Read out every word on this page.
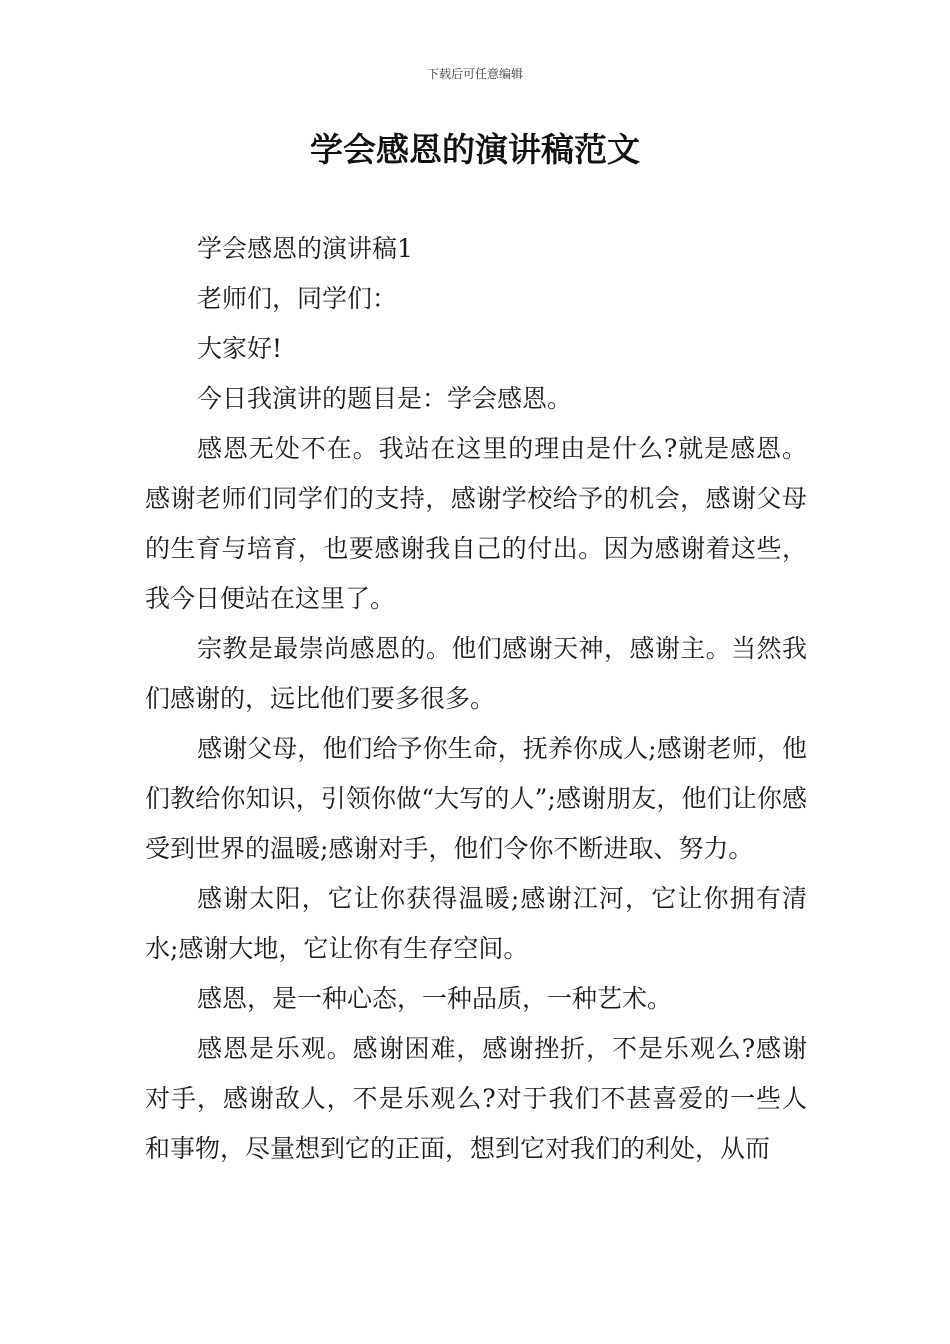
下载后可任意编辑
学会感恩的演讲稿范文

学会感恩的演讲稿1

老师们，同学们：

大家好!

今日我演讲的题目是：学会感恩。

感恩无处不在。我站在这里的理由是什么?就是感恩。感谢老师们同学们的支持，感谢学校给予的机会，感谢父母的生育与培育，也要感谢我自己的付出。因为感谢着这些，我今日便站在这里了。

宗教是最崇尚感恩的。他们感谢天神，感谢主。当然我们感谢的，远比他们要多很多。

感谢父母，他们给予你生命，抚养你成人;感谢老师，他们教给你知识，引领你做“大写的人”;感谢朋友，他们让你感受到世界的温暖;感谢对手，他们令你不断进取、努力。

感谢太阳，它让你获得温暖;感谢江河，它让你拥有清水;感谢大地，它让你有生存空间。

感恩，是一种心态，一种品质，一种艺术。

感恩是乐观。感谢困难，感谢挫折，不是乐观么?感谢对手，感谢敌人，不是乐观么?对于我们不甚喜爱的一些人和事物，尽量想到它的正面，想到它对我们的利处，从而
